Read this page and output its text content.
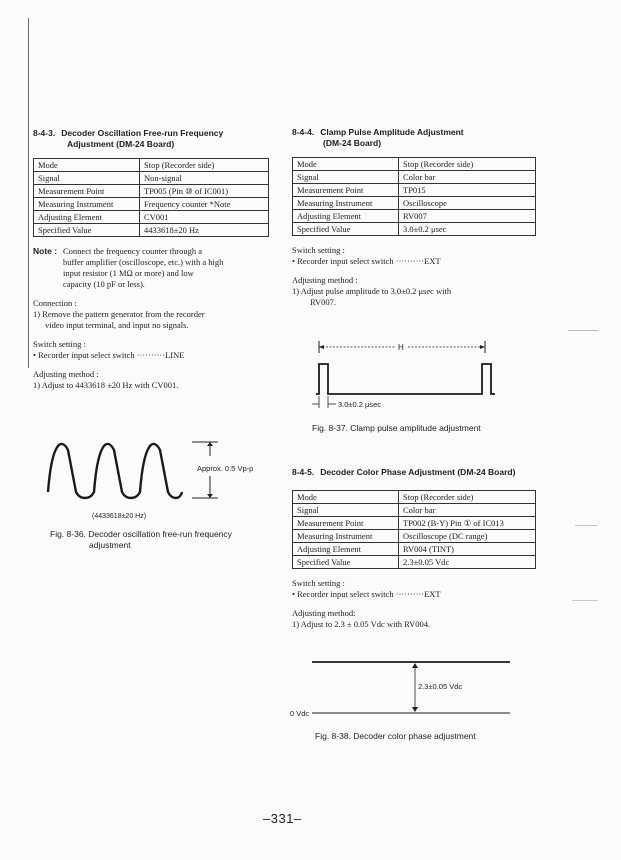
8-4-3. Decoder Oscillation Free-run Frequency
Adjustment (DM-24 Board)

Mode	Stop (Recorder side)
Signal	Non-signal
Measurement Point	TP005 (Pin ⑩ of IC001)
Measuring Instrument	Frequency counter *Note
Adjusting Element	CV001
Specified Value	4433618±20 Hz
Note : Connect the frequency counter through a
buffer amplifier (oscilloscope, etc.) with a high
input resistor (1 MΩ or more) and low
capacity (10 pF or less).
Connection :
1) Remove the pattern generator from the recorder
video input terminal, and input no signals.
Switch setting :
• Recorder input select switch ··········LINE
Adjusting method :
1) Adjust to 4433618 ±20 Hz with CV001.
Approx. 0.5 Vp-p
(4433618±20 Hz)
Fig. 8-36. Decoder oscillation free-run frequency
adjustment

8-4-4. Clamp Pulse Amplitude Adjustment
(DM-24 Board)

Mode	Stop (Recorder side)
Signal	Color bar
Measurement Point	TP015
Measuring Instrument	Oscilloscope
Adjusting Element	RV007
Specified Value	3.0±0.2 μsec
Switch setting :
• Recorder input select switch ··········EXT
Adjusting method :
1) Adjust pulse amplitude to 3.0±0.2 μsec with
RV007.
H
3.0±0.2 μsec
Fig. 8-37. Clamp pulse amplitude adjustment

8-4-5. Decoder Color Phase Adjustment (DM-24 Board)

Mode	Stop (Recorder side)
Signal	Color bar
Measurement Point	TP002 (B-Y) Pin ① of IC013
Measuring Instrument	Oscilloscope (DC range)
Adjusting Element	RV004 (TINT)
Specified Value	2.3±0.05 Vdc
Switch setting :
• Recorder input select switch ··········EXT
Adjusting method:
1) Adjust to 2.3 ± 0.05 Vdc with RV004.
2.3±0.05 Vdc
0 Vdc
Fig. 8-38. Decoder color phase adjustment
–331–
